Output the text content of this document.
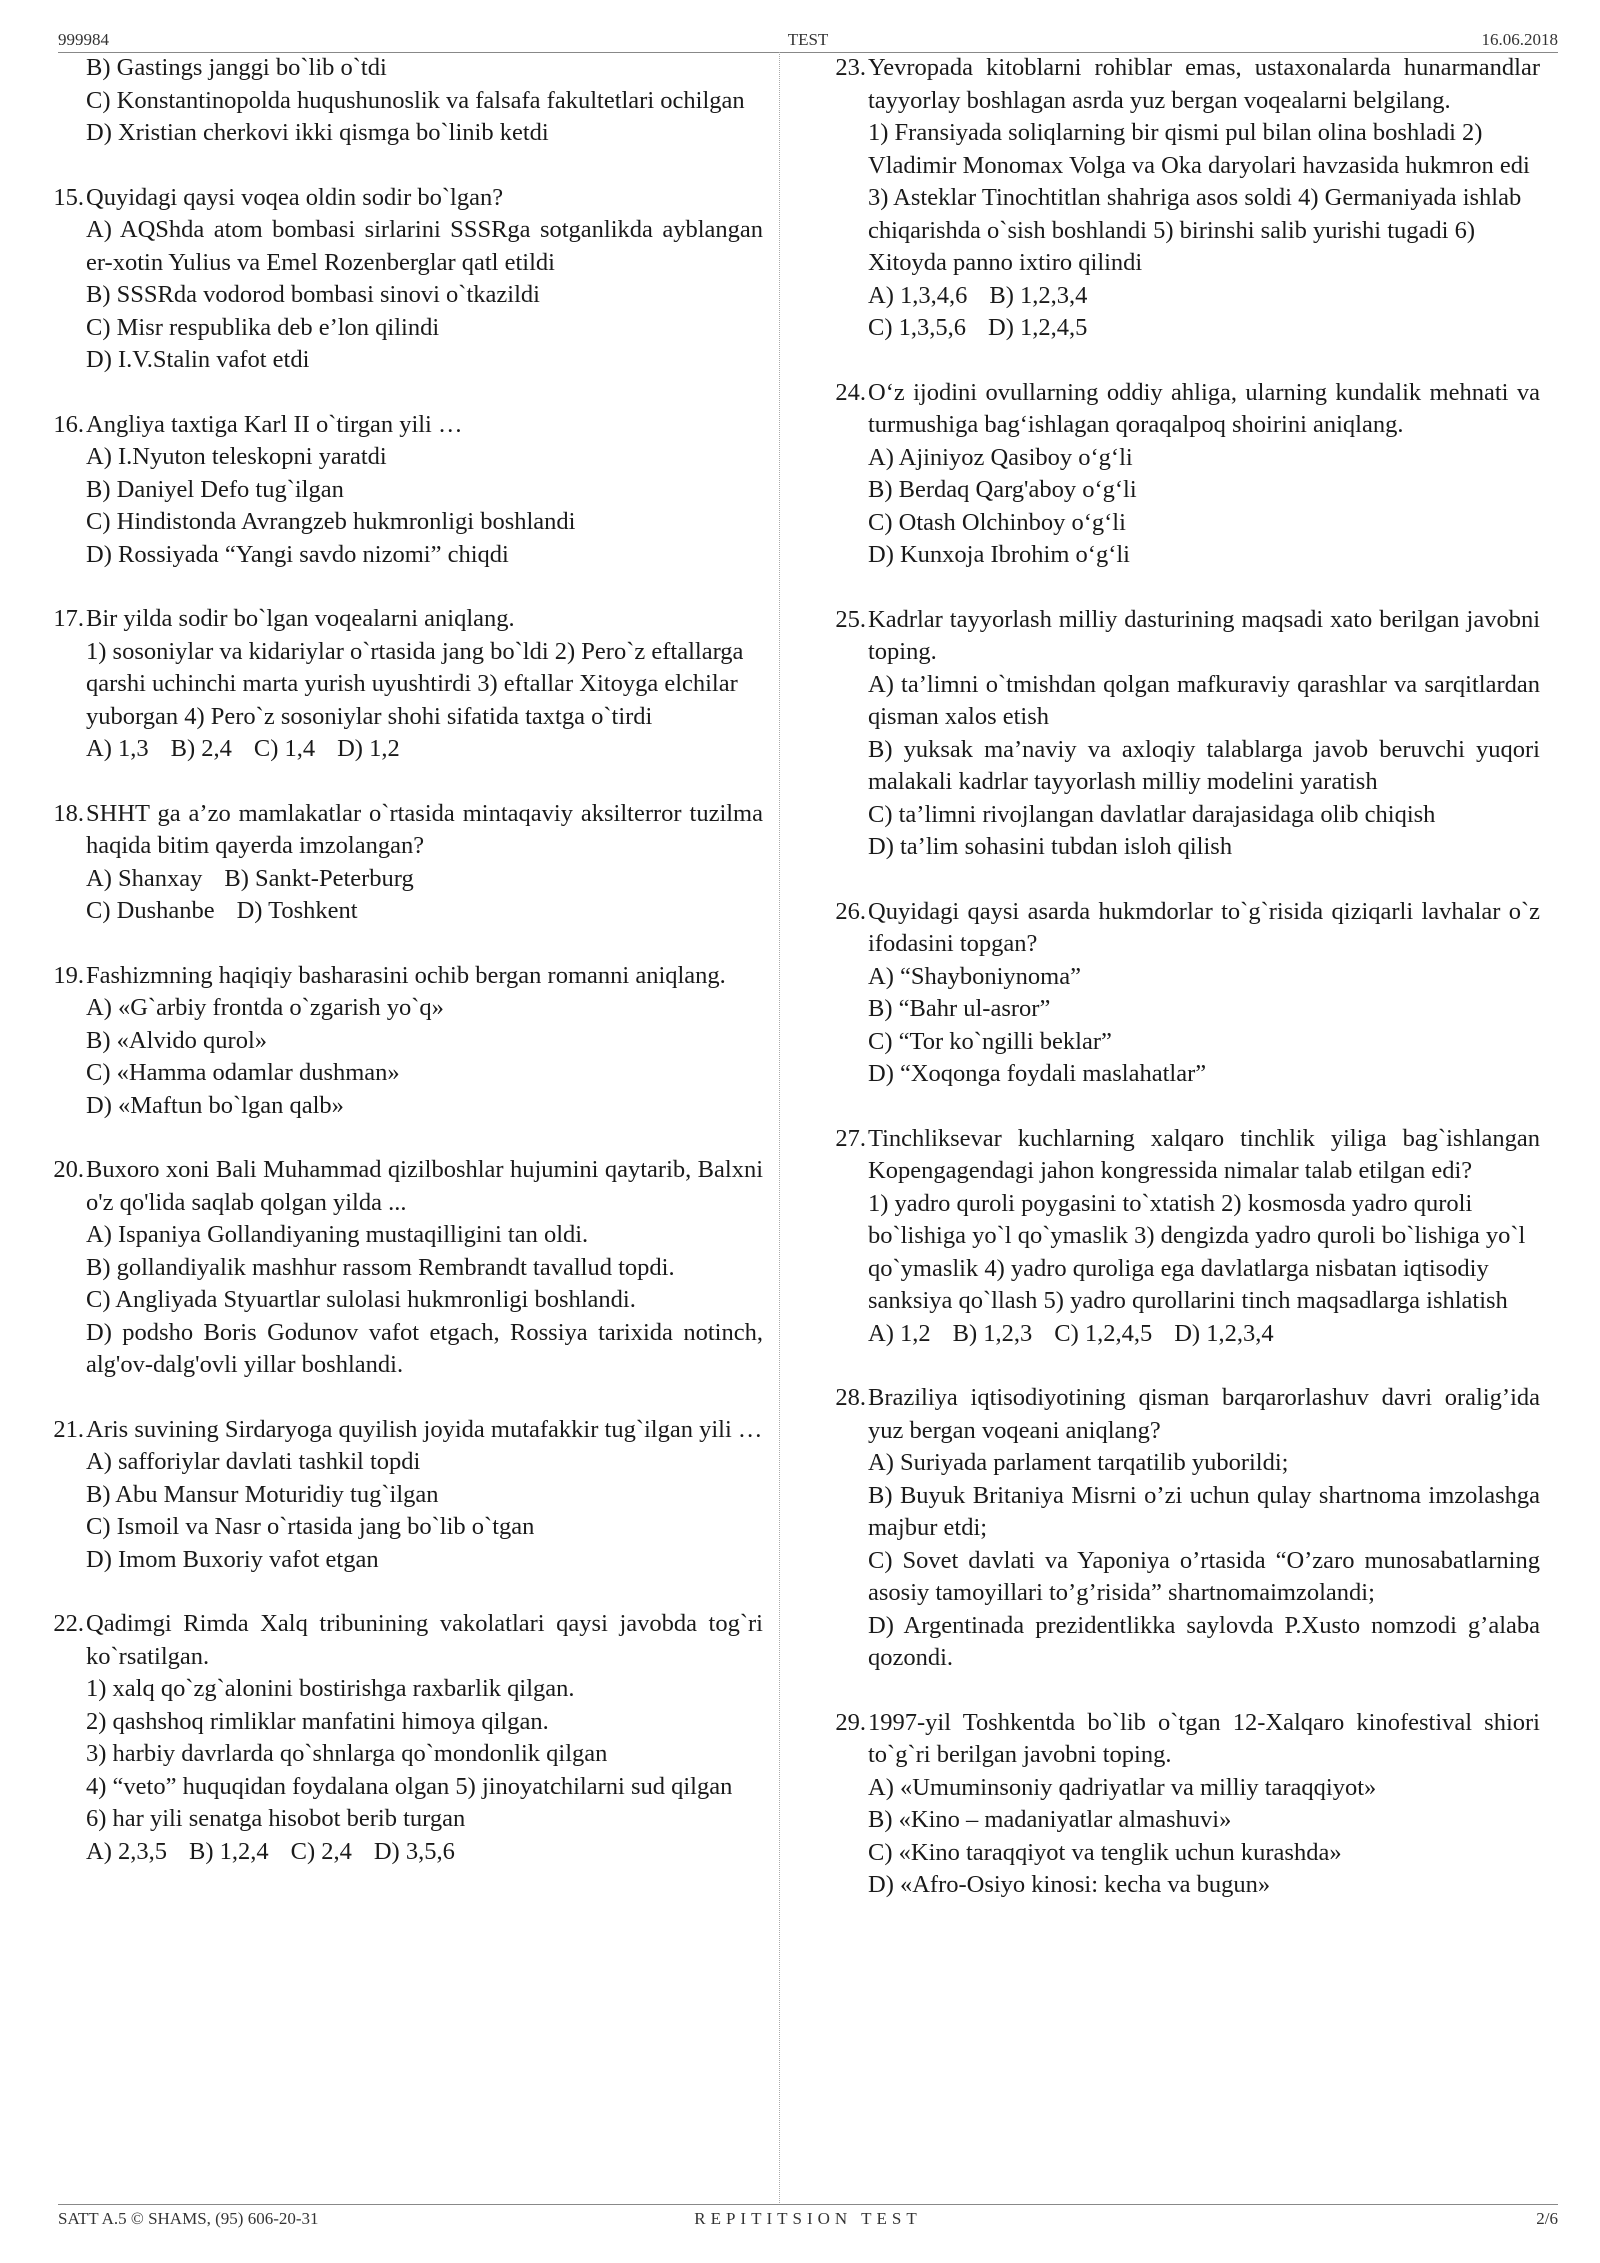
999984	TEST	16.06.2018
B) Gastings janggi bo`lib o`tdi
C) Konstantinopolda huqushunoslik va falsafa fakultetlari ochilgan
D) Xristian cherkovi ikki qismga bo`linib ketdi
15. Quyidagi qaysi voqea oldin sodir bo`lgan?
A) AQShda atom bombasi sirlarini SSSRga sotganlikda ayblangan er-xotin Yulius va Emel Rozenberglar qatl etildi
B) SSSRda vodorod bombasi sinovi o`tkazildi
C) Misr respublika deb e’lon qilindi
D) I.V.Stalin vafot etdi
16. Angliya taxtiga Karl II o`tirgan yili …
A) I.Nyuton teleskopni yaratdi
B) Daniyel Defo tug`ilgan
C) Hindistonda Avrangzeb hukmronligi boshlandi
D) Rossiyada “Yangi savdo nizomi” chiqdi
17. Bir yilda sodir bo`lgan voqealarni aniqlang.
1) sosoniylar va kidariylar o`rtasida jang bo`ldi 2) Pero`z eftallarga qarshi uchinchi marta yurish uyushtirdi 3) eftallar Xitoyga elchilar yuborgan 4) Pero`z sosoniylar shohi sifatida taxtga o`tirdi
A) 1,3 B) 2,4 C) 1,4 D) 1,2
18. SHHT ga a’zo mamlakatlar o`rtasida mintaqaviy aksilterror tuzilma haqida bitim qayerda imzolangan?
A) Shanxay B) Sankt-Peterburg
C) Dushanbe D) Toshkent
19. Fashizmning haqiqiy basharasini ochib bergan romanni aniqlang.
A) «G`arbiy frontda o`zgarish yo`q»
B) «Alvido qurol»
C) «Hamma odamlar dushman»
D) «Maftun bo`lgan qalb»
20. Buxoro xoni Bali Muhammad qizilboshlar hujumini qaytarib, Balxni o'z qo'lida saqlab qolgan yilda ...
A) Ispaniya Gollandiyaning mustaqilligini tan oldi.
B) gollandiyalik mashhur rassom Rembrandt tavallud topdi.
C) Angliyada Styuartlar sulolasi hukmronligi boshlandi.
D) podsho Boris Godunov vafot etgach, Rossiya tarixida notinch, alg'ov-dalg'ovli yillar boshlandi.
21. Aris suvining Sirdaryoga quyilish joyida mutafakkir tug`ilgan yili …
A) safforiylar davlati tashkil topdi
B) Abu Mansur Moturidiy tug`ilgan
C) Ismoil va Nasr o`rtasida jang bo`lib o`tgan
D) Imom Buxoriy vafot etgan
22. Qadimgi Rimda Xalq tribunining vakolatlari qaysi javobda tog`ri ko`rsatilgan.
1) xalq qo`zg`alonini bostirishga raxbarlik qilgan.
2) qashshoq rimliklar manfatini himoya qilgan.
3) harbiy davrlarda qo`shnlarga qo`mondonlik qilgan
4) “veto” huquqidan foydalana olgan 5) jinoyatchilarni sud qilgan
6) har yili senatga hisobot berib turgan
A) 2,3,5 B) 1,2,4 C) 2,4 D) 3,5,6
23. Yevropada kitoblarni rohiblar emas, ustaxonalarda hunarmandlar tayyorlay boshlagan asrda yuz bergan voqealarni belgilang.
1) Fransiyada soliqlarning bir qismi pul bilan olina boshladi 2) Vladimir Monomax Volga va Oka daryolari havzasida hukmron edi 3) Asteklar Tinochtitlan shahriga asos soldi 4) Germaniyada ishlab chiqarishda o`sish boshlandi 5) birinshi salib yurishi tugadi 6) Xitoyda panno ixtiro qilindi
A) 1,3,4,6 B) 1,2,3,4
C) 1,3,5,6 D) 1,2,4,5
24. O‘z ijodini ovullarning oddiy ahliga, ularning kundalik mehnati va turmushiga bag‘ishlagan qoraqalpoq shoirini aniqlang.
A) Ajiniyoz Qasiboy o‘g‘li
B) Berdaq Qarg'aboy o‘g‘li
C) Otash Olchinboy o‘g‘li
D) Kunxoja Ibrohim o‘g‘li
25. Kadrlar tayyorlash milliy dasturining maqsadi xato berilgan javobni toping.
A) ta’limni o`tmishdan qolgan mafkuraviy qarashlar va sarqitlardan qisman xalos etish
B) yuksak ma’naviy va axloqiy talablarga javob beruvchi yuqori malakali kadrlar tayyorlash milliy modelini yaratish
C) ta’limni rivojlangan davlatlar darajasidaga olib chiqish
D) ta’lim sohasini tubdan isloh qilish
26. Quyidagi qaysi asarda hukmdorlar to`g`risida qiziqarli lavhalar o`z ifodasini topgan?
A) “Shayboniynoma”
B) “Bahr ul-asror”
C) “Tor ko`ngilli beklar”
D) “Xoqonga foydali maslahatlar”
27. Tinchliksevar kuchlarning xalqaro tinchlik yiliga bag`ishlangan Kopengagendagi jahon kongressida nimalar talab etilgan edi?
1) yadro quroli poygasini to`xtatish 2) kosmosda yadro quroli bo`lishiga yo`l qo`ymaslik 3) dengizda yadro quroli bo`lishiga yo`l qo`ymaslik 4) yadro quroliga ega davlatlarga nisbatan iqtisodiy sanksiya qo`llash 5) yadro qurollarini tinch maqsadlarga ishlatish
A) 1,2 B) 1,2,3 C) 1,2,4,5 D) 1,2,3,4
28. Braziliya iqtisodiyotining qisman barqarorlashuv davri oralig’ida yuz bergan voqeani aniqlang?
A) Suriyada parlament tarqatilib yuborildi;
B) Buyuk Britaniya Misrni o’zi uchun qulay shartnoma imzolashga majbur etdi;
C) Sovet davlati va Yaponiya o’rtasida “O’zaro munosabatlarning asosiy tamoyillari to’g’risida” shartnomaimzolandi;
D) Argentinada prezidentlikka saylovda P.Xusto nomzodi g’alaba qozondi.
29. 1997-yil Toshkentda bo`lib o`tgan 12-Xalqaro kinofestival shiori to`g`ri berilgan javobni toping.
A) «Umuminsoniy qadriyatlar va milliy taraqqiyot»
B) «Kino – madaniyatlar almashuvi»
C) «Kino taraqqiyot va tenglik uchun kurashda»
D) «Afro-Osiyo kinosi: kecha va bugun»
SATT A.5 © SHAMS, (95) 606-20-31	REPITITSION TEST	2/6
